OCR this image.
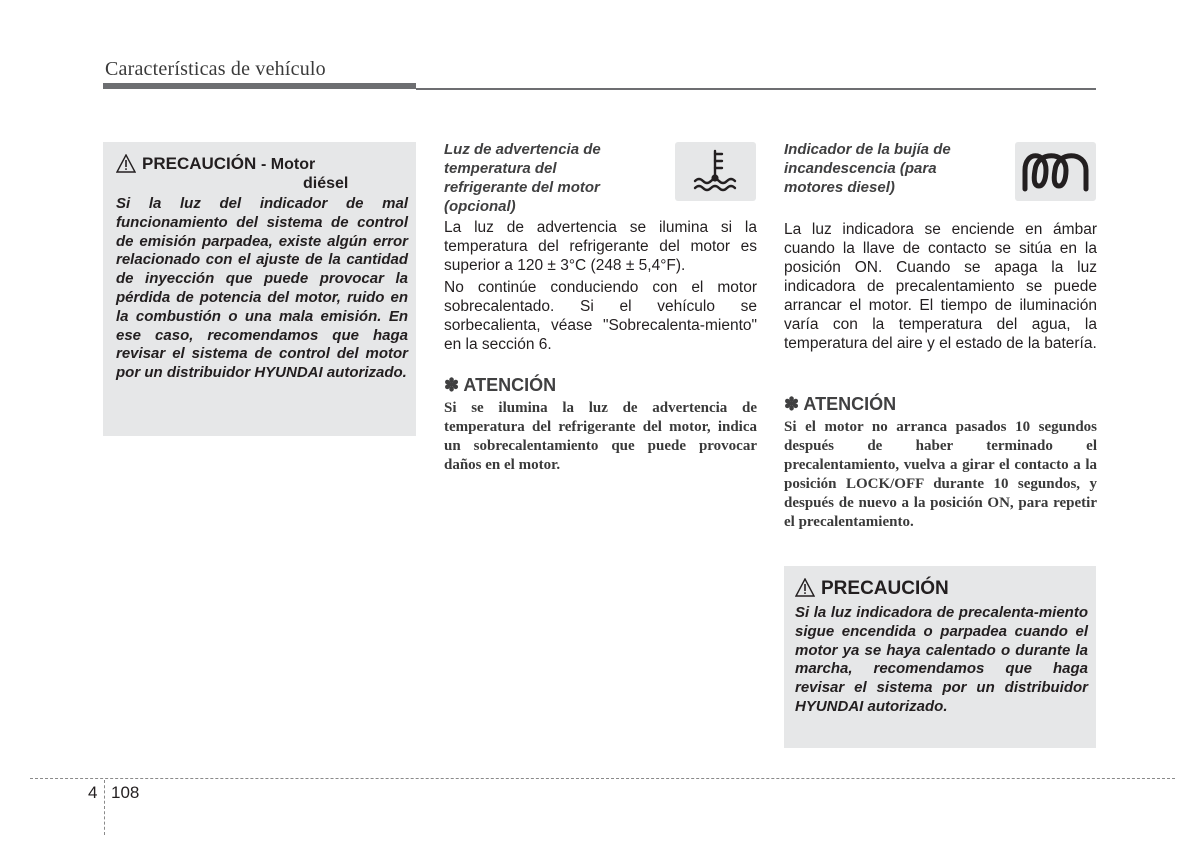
Características de vehículo
PRECAUCIÓN - Motor
diésel
Si la luz del indicador de mal funcionamiento del sistema de control de emisión parpadea, existe algún error relacionado con el ajuste de la cantidad de inyección que puede provocar la pérdida de potencia del motor, ruido en la combustión o una mala emisión. En ese caso, recomendamos que haga revisar el sistema de control del motor por un distribuidor HYUNDAI autorizado.
Luz de advertencia de
temperatura del
refrigerante del motor
(opcional)
La luz de advertencia se ilumina si la temperatura del refrigerante del motor es superior a 120 ± 3°C (248 ± 5,4°F).
No continúe conduciendo con el motor sobrecalentado. Si el vehículo se sorbecalienta, véase "Sobrecalenta-miento" en la sección 6.
✽ ATENCIÓN
Si se ilumina la luz de advertencia de temperatura del refrigerante del motor, indica un sobrecalentamiento que puede provocar daños en el motor.
Indicador de la bujía de
incandescencia (para
motores diesel)
La luz indicadora se enciende en ámbar cuando la llave de contacto se sitúa en la posición ON. Cuando se apaga la luz indicadora de precalentamiento se puede arrancar el motor. El tiempo de iluminación varía con la temperatura del agua, la temperatura del aire y el estado de la batería.
✽ ATENCIÓN
Si el motor no arranca pasados 10 segundos después de haber terminado el precalentamiento, vuelva a girar el contacto a la posición LOCK/OFF durante 10 segundos, y después de nuevo a la posición ON, para repetir el precalentamiento.
PRECAUCIÓN
Si la luz indicadora de precalenta-miento sigue encendida o parpadea cuando el motor ya se haya calentado o durante la marcha, recomendamos que haga revisar el sistema por un distribuidor HYUNDAI autorizado.
4 108
